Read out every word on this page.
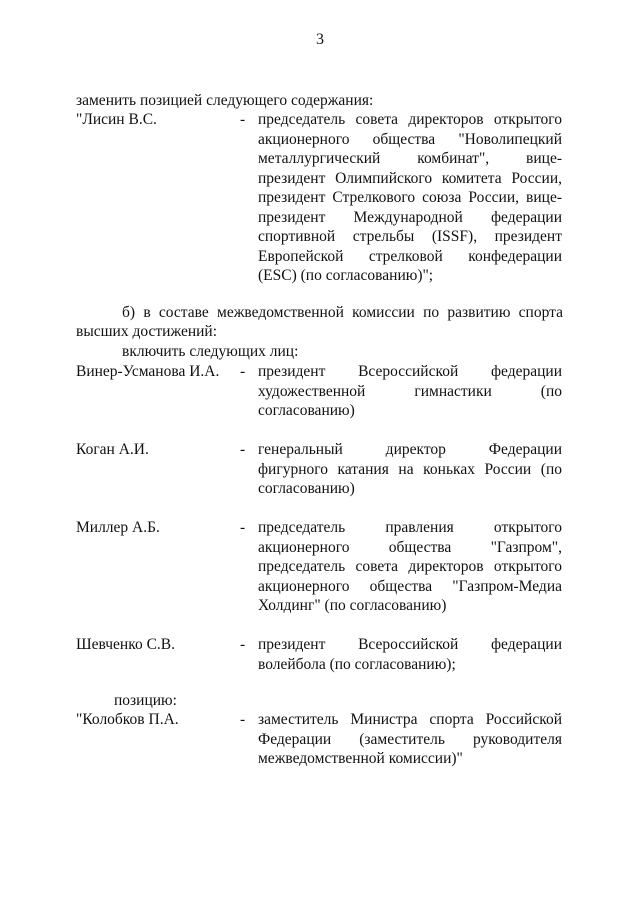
3
заменить позицией следующего содержания:
"Лисин В.С.	- председатель совета директоров открытого
акционерного общества "Новолипецкий
металлургический комбинат", вице-
президент Олимпийского комитета России,
президент Стрелкового союза России, вице-
президент Международной федерации
спортивной стрельбы (ISSF), президент
Европейской стрелковой конфедерации
(ESC) (по согласованию)";
б) в составе межведомственной комиссии по развитию спорта
высших достижений:
включить следующих лиц:
Винер-Усманова И.А.	- президент Всероссийской федерации
художественной гимнастики (по
согласованию)
Коган А.И.	- генеральный директор Федерации
фигурного катания на коньках России (по
согласованию)
Миллер А.Б.	- председатель правления открытого
акционерного общества "Газпром",
председатель совета директоров открытого
акционерного общества "Газпром-Медиа
Холдинг" (по согласованию)
Шевченко С.В.	- президент Всероссийской федерации
волейбола (по согласованию);
позицию:
"Колобков П.А.	- заместитель Министра спорта Российской
Федерации (заместитель руководителя
межведомственной комиссии)"
